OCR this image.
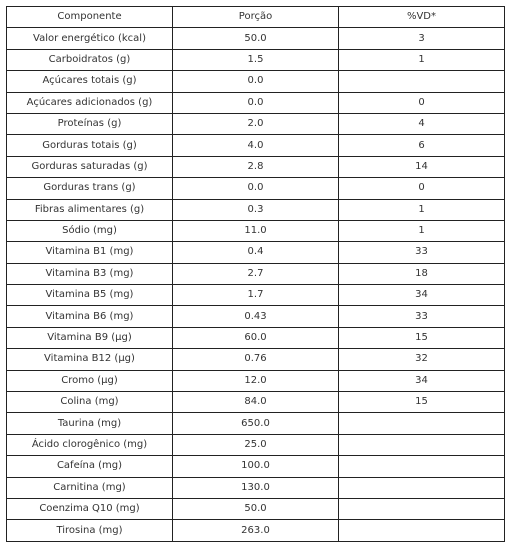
Componente	Porção	%VD*
Valor energético (kcal)	50.0	3
Carboidratos (g)	1.5	1
Açúcares totais (g)	0.0	
Açúcares adicionados (g)	0.0	0
Proteínas (g)	2.0	4
Gorduras totais (g)	4.0	6
Gorduras saturadas (g)	2.8	14
Gorduras trans (g)	0.0	0
Fibras alimentares (g)	0.3	1
Sódio (mg)	11.0	1
Vitamina B1 (mg)	0.4	33
Vitamina B3 (mg)	2.7	18
Vitamina B5 (mg)	1.7	34
Vitamina B6 (mg)	0.43	33
Vitamina B9 (µg)	60.0	15
Vitamina B12 (µg)	0.76	32
Cromo (µg)	12.0	34
Colina (mg)	84.0	15
Taurina (mg)	650.0	
Ácido clorogênico (mg)	25.0	
Cafeína (mg)	100.0	
Carnitina (mg)	130.0	
Coenzima Q10 (mg)	50.0	
Tirosina (mg)	263.0	
